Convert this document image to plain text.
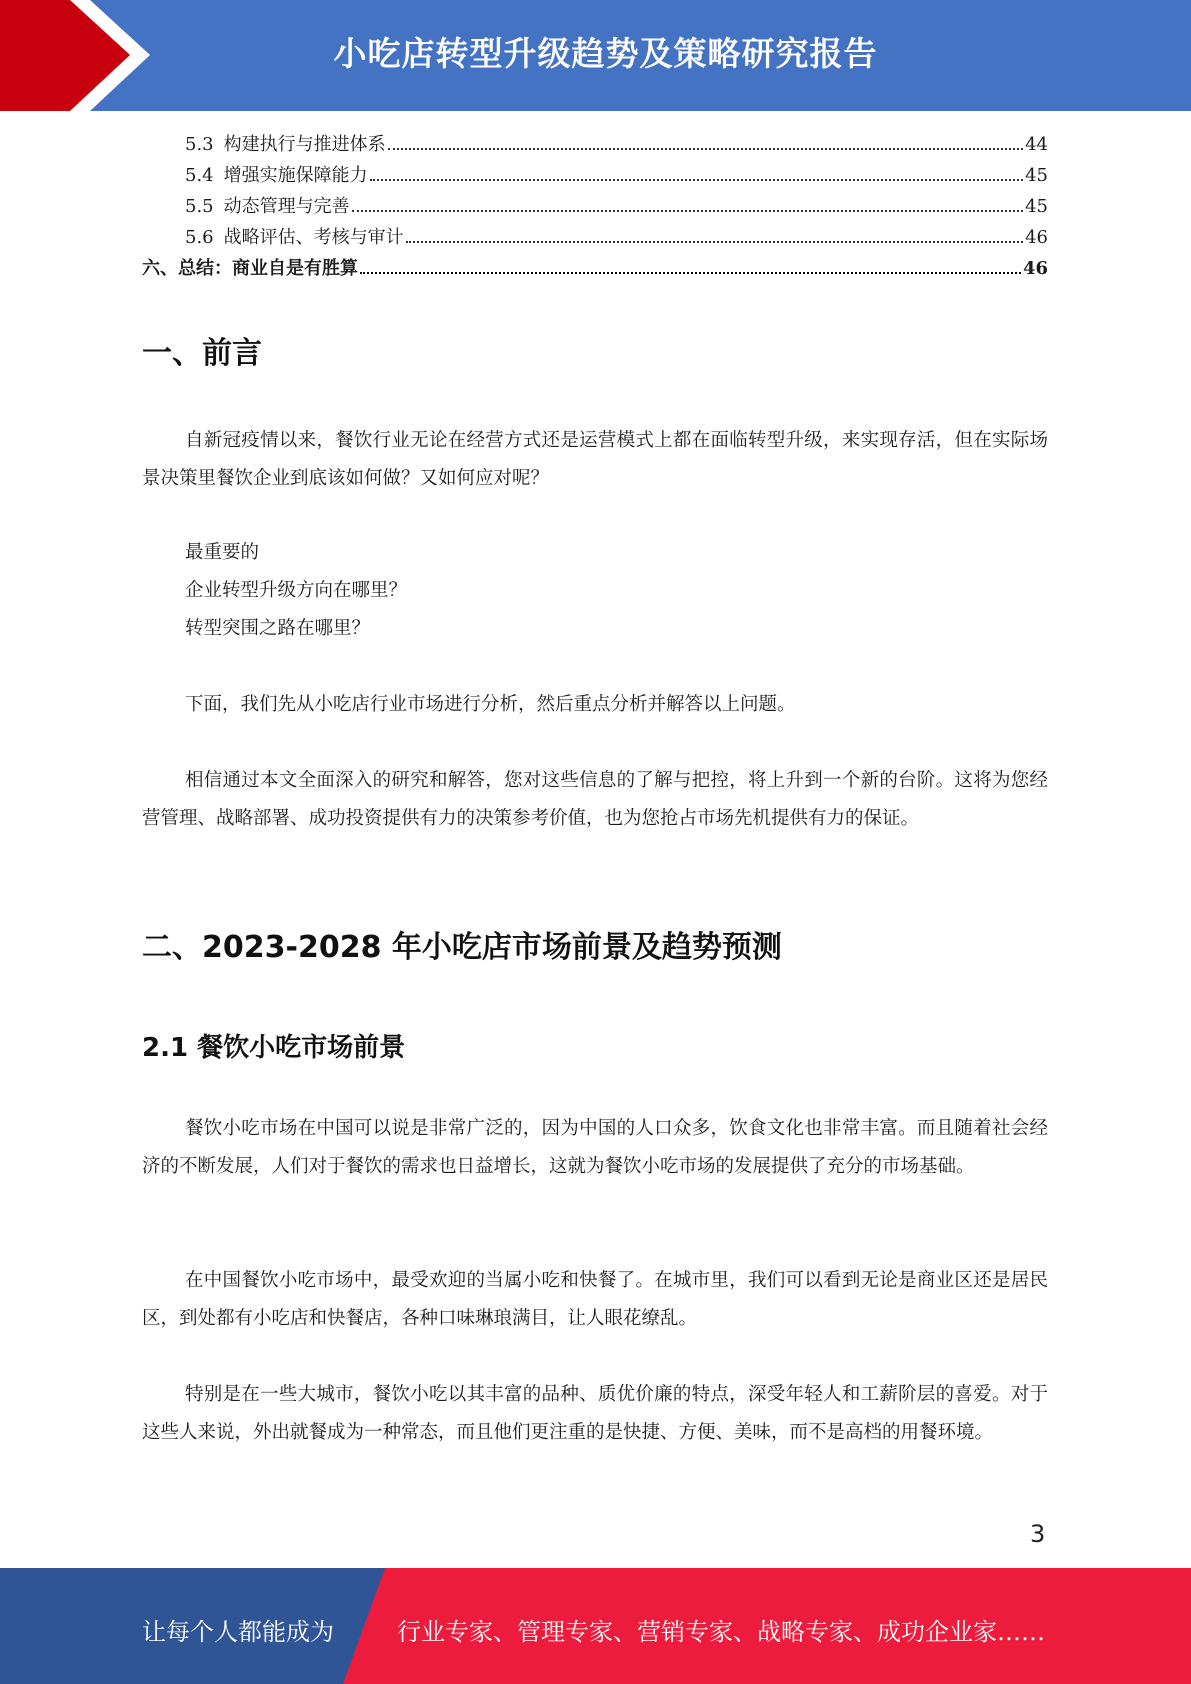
小吃店转型升级趋势及策略研究报告
5.3 构建执行与推进体系	44
5.4 增强实施保障能力	45
5.5 动态管理与完善	45
5.6 战略评估、考核与审计	46
六、总结：商业自是有胜算	46
一、前言

自新冠疫情以来，餐饮行业无论在经营方式还是运营模式上都在面临转型升级，来实现存活，但在实际场景决策里餐饮企业到底该如何做？又如何应对呢？

最重要的

企业转型升级方向在哪里？

转型突围之路在哪里？

下面，我们先从小吃店行业市场进行分析，然后重点分析并解答以上问题。

相信通过本文全面深入的研究和解答，您对这些信息的了解与把控，将上升到一个新的台阶。这将为您经营管理、战略部署、成功投资提供有力的决策参考价值，也为您抢占市场先机提供有力的保证。

二、2023-2028 年小吃店市场前景及趋势预测
2.1 餐饮小吃市场前景

餐饮小吃市场在中国可以说是非常广泛的，因为中国的人口众多，饮食文化也非常丰富。而且随着社会经济的不断发展，人们对于餐饮的需求也日益增长，这就为餐饮小吃市场的发展提供了充分的市场基础。

在中国餐饮小吃市场中，最受欢迎的当属小吃和快餐了。在城市里，我们可以看到无论是商业区还是居民区，到处都有小吃店和快餐店，各种口味琳琅满目，让人眼花缭乱。

特别是在一些大城市，餐饮小吃以其丰富的品种、质优价廉的特点，深受年轻人和工薪阶层的喜爱。对于这些人来说，外出就餐成为一种常态，而且他们更注重的是快捷、方便、美味，而不是高档的用餐环境。

3
让每个人都能成为	行业专家、管理专家、营销专家、战略专家、成功企业家……
